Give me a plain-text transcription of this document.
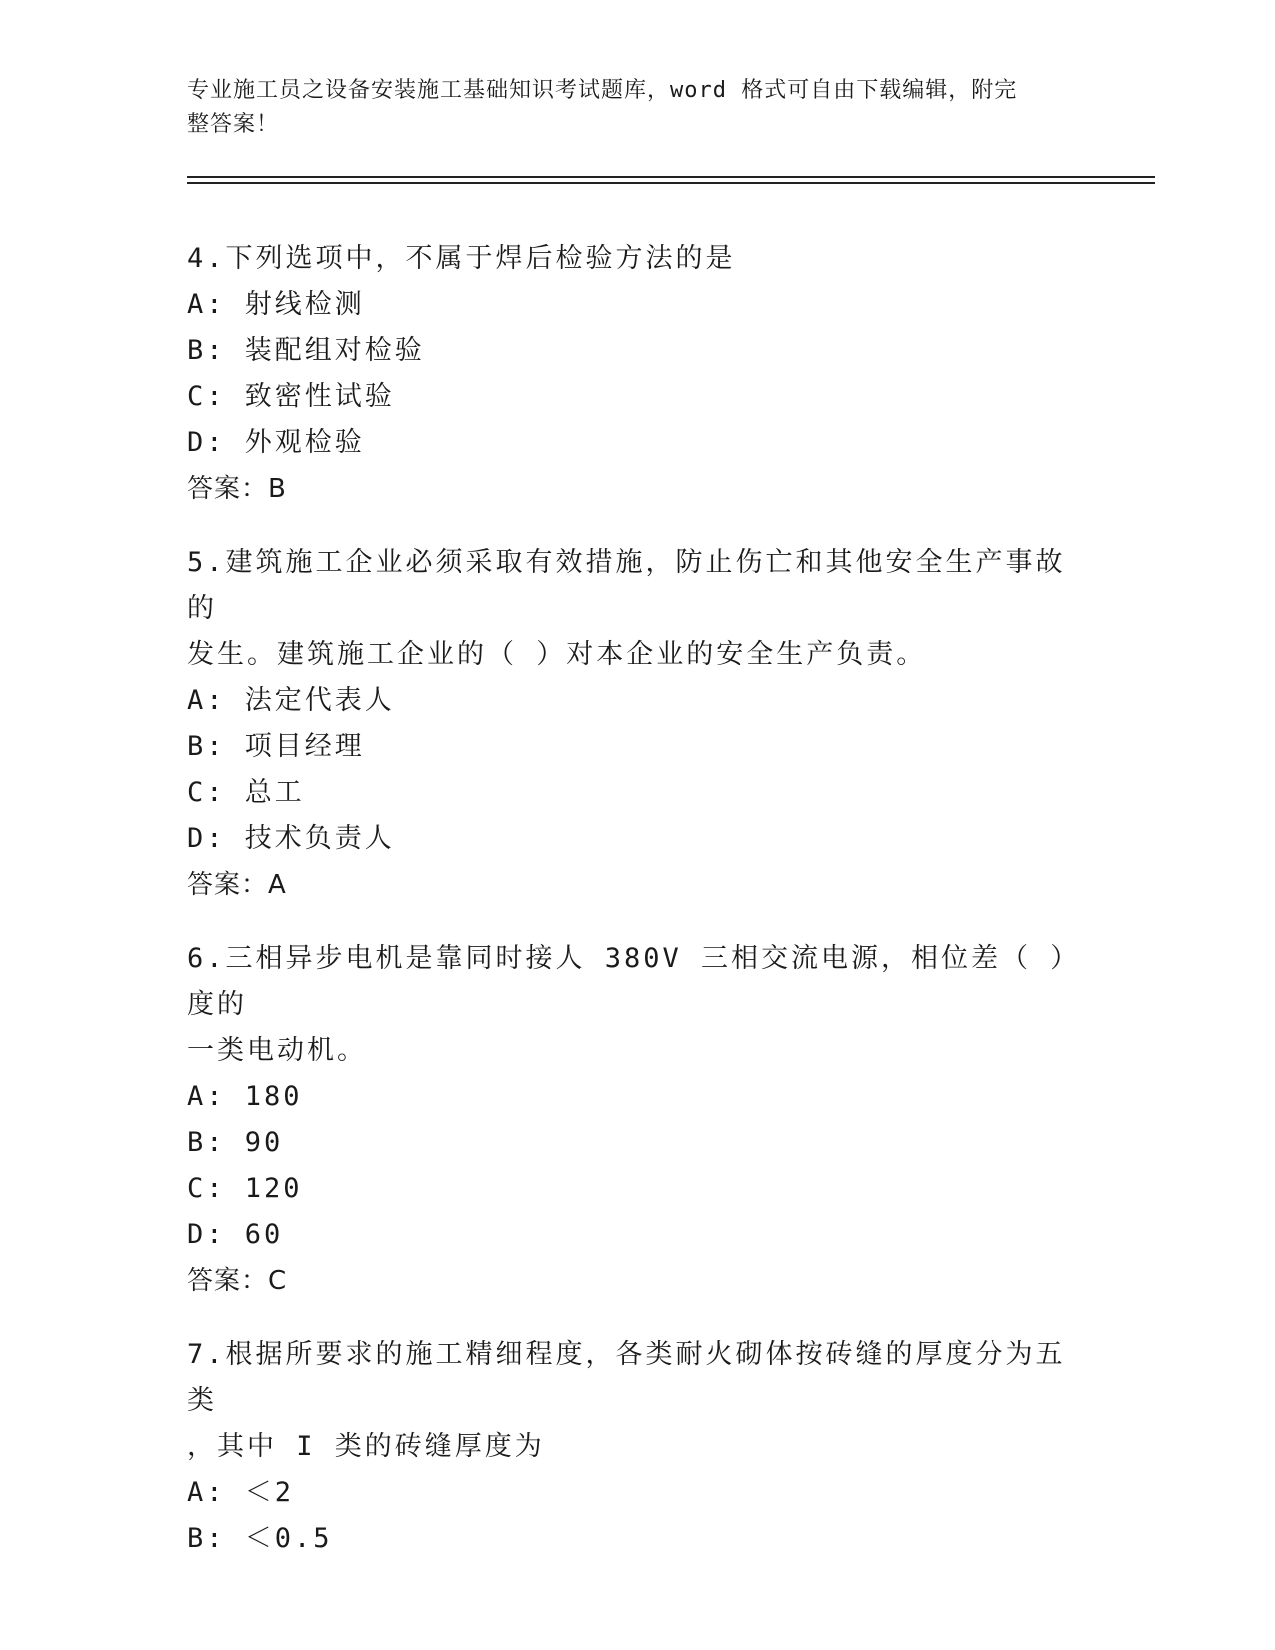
专业施工员之设备安装施工基础知识考试题库，word 格式可自由下载编辑，附完
整答案！
4.下列选项中，不属于焊后检验方法的是
A: 射线检测
B: 装配组对检验
C: 致密性试验
D: 外观检验
答案：B
5.建筑施工企业必须采取有效措施，防止伤亡和其他安全生产事故的
发生。建筑施工企业的（ ）对本企业的安全生产负责。
A: 法定代表人
B: 项目经理
C: 总工
D: 技术负责人
答案：A
6.三相异步电机是靠同时接人 380V 三相交流电源，相位差（ ）度的
一类电动机。
A: 180
B: 90
C: 120
D: 60
答案：C
7.根据所要求的施工精细程度，各类耐火砌体按砖缝的厚度分为五类
，其中 I 类的砖缝厚度为
A: ＜2
B: ＜0.5
